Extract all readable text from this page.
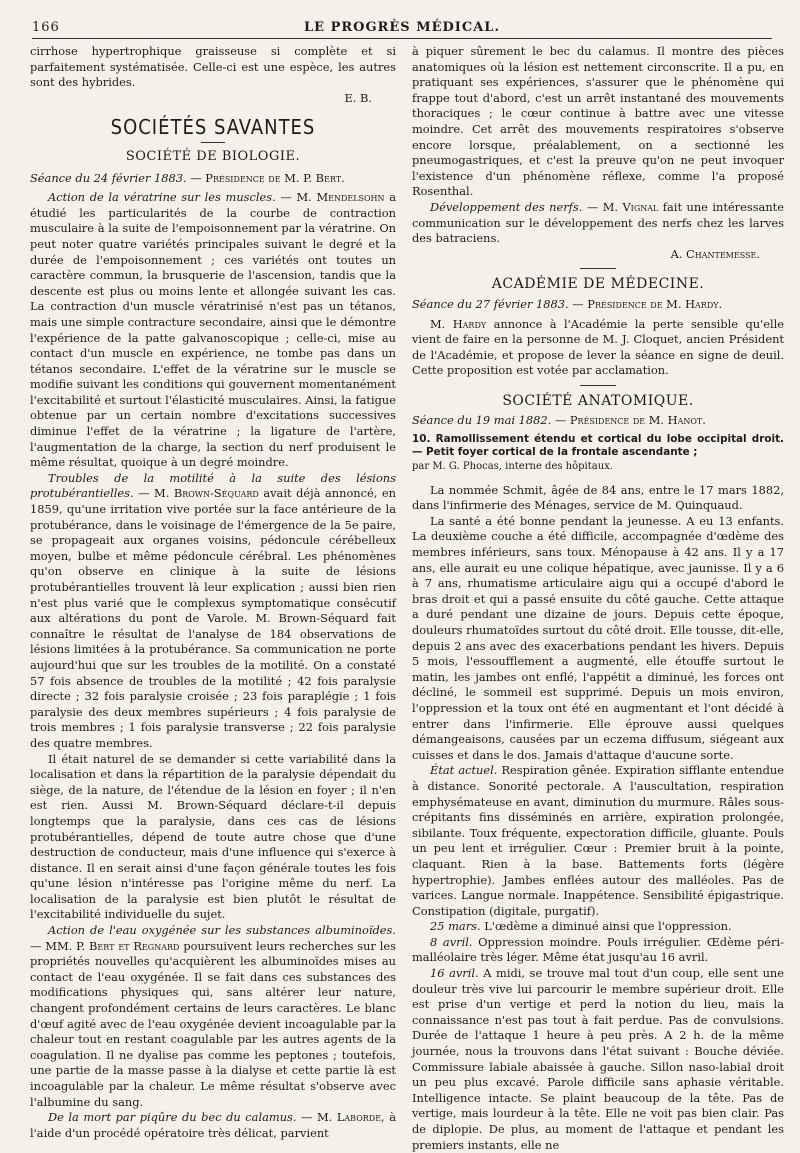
166	LE PROGRÈS MÉDICAL.

cirrhose hypertrophique graisseuse si complète et si parfaitement systématisée. Celle-ci est une espèce, les autres sont des hybrides.

E. B.

SOCIÉTÉS SAVANTES
SOCIÉTÉ DE BIOLOGIE.

Séance du 24 février 1883. — Présidence de M. P. Bert.

Action de la vératrine sur les muscles. — M. Mendelsohn a étudié les particularités de la courbe de contraction musculaire à la suite de l'empoisonnement par la vératrine. On peut noter quatre variétés principales suivant le degré et la durée de l'empoisonnement ; ces variétés ont toutes un caractère commun, la brusquerie de l'ascension, tandis que la descente est plus ou moins lente et allongée suivant les cas. La contraction d'un muscle vératrinisé n'est pas un tétanos, mais une simple contracture secondaire, ainsi que le démontre l'expérience de la patte galvanoscopique ; celle-ci, mise au contact d'un muscle en expérience, ne tombe pas dans un tétanos secondaire. L'effet de la vératrine sur le muscle se modifie suivant les conditions qui gouvernent momentanément l'excitabilité et surtout l'élasticité musculaires. Ainsi, la fatigue obtenue par un certain nombre d'excitations successives diminue l'effet de la vératrine ; la ligature de l'artère, l'augmentation de la charge, la section du nerf produisent le même résultat, quoique à un degré moindre.

Troubles de la motilité à la suite des lésions protubérantielles. — M. Brown-Séquard avait déjà annoncé, en 1859, qu'une irritation vive portée sur la face antérieure de la protubérance, dans le voisinage de l'émergence de la 5e paire, se propageait aux organes voisins, pédoncule cérébelleux moyen, bulbe et même pédoncule cérébral. Les phénomènes qu'on observe en clinique à la suite de lésions protubérantielles trouvent là leur explication ; aussi bien rien n'est plus varié que le complexus symptomatique consécutif aux altérations du pont de Varole. M. Brown-Séquard fait connaître le résultat de l'analyse de 184 observations de lésions limitées à la protubérance. Sa communication ne porte aujourd'hui que sur les troubles de la motilité. On a constaté 57 fois absence de troubles de la motilité ; 42 fois paralysie directe ; 32 fois paralysie croisée ; 23 fois paraplégie ; 1 fois paralysie des deux membres supérieurs ; 4 fois paralysie de trois membres ; 1 fois paralysie transverse ; 22 fois paralysie des quatre membres.

Il était naturel de se demander si cette variabilité dans la localisation et dans la répartition de la paralysie dépendait du siège, de la nature, de l'étendue de la lésion en foyer ; il n'en est rien. Aussi M. Brown-Séquard déclare-t-il depuis longtemps que la paralysie, dans ces cas de lésions protubérantielles, dépend de toute autre chose que d'une destruction de conducteur, mais d'une influence qui s'exerce à distance. Il en serait ainsi d'une façon générale toutes les fois qu'une lésion n'intéresse pas l'origine même du nerf. La localisation de la paralysie est bien plutôt le résultat de l'excitabilité individuelle du sujet.

Action de l'eau oxygénée sur les substances albuminoïdes. — MM. P. Bert et Regnard poursuivent leurs recherches sur les propriétés nouvelles qu'acquièrent les albuminoïdes mises au contact de l'eau oxygénée. Il se fait dans ces substances des modifications physiques qui, sans altérer leur nature, changent profondément certains de leurs caractères. Le blanc d'œuf agité avec de l'eau oxygénée devient incoagulable par la chaleur tout en restant coagulable par les autres agents de la coagulation. Il ne dyalise pas comme les peptones ; toutefois, une partie de la masse passe à la dialyse et cette partie là est incoagulable par la chaleur. Le même résultat s'observe avec l'albumine du sang.

De la mort par piqûre du bec du calamus. — M. Laborde, à l'aide d'un procédé opératoire très délicat, parvient

à piquer sûrement le bec du calamus. Il montre des pièces anatomiques où la lésion est nettement circonscrite. Il a pu, en pratiquant ses expériences, s'assurer que le phénomène qui frappe tout d'abord, c'est un arrêt instantané des mouvements thoraciques ; le cœur continue à battre avec une vitesse moindre. Cet arrêt des mouvements respiratoires s'observe encore lorsque, préalablement, on a sectionné les pneumogastriques, et c'est la preuve qu'on ne peut invoquer l'existence d'un phénomène réflexe, comme l'a proposé Rosenthal.

Développement des nerfs. — M. Vignal fait une intéressante communication sur le développement des nerfs chez les larves des batraciens.

A. Chantemesse.

ACADÉMIE DE MÉDECINE.

Séance du 27 février 1883. — Présidence de M. Hardy.

M. Hardy annonce à l'Académie la perte sensible qu'elle vient de faire en la personne de M. J. Cloquet, ancien Président de l'Académie, et propose de lever la séance en signe de deuil. Cette proposition est votée par acclamation.

SOCIÉTÉ ANATOMIQUE.

Séance du 19 mai 1882. — Présidence de M. Hanot.

10. Ramollissement étendu et cortical du lobe occipital droit. — Petit foyer cortical de la frontale ascendante ;

par M. G. Phocas, interne des hôpitaux.

La nommée Schmit, âgée de 84 ans, entre le 17 mars 1882, dans l'infirmerie des Ménages, service de M. Quinquaud.

La santé a été bonne pendant la jeunesse. A eu 13 enfants. La deuxième couche a été difficile, accompagnée d'œdème des membres inférieurs, sans toux. Ménopause à 42 ans. Il y a 17 ans, elle aurait eu une colique hépatique, avec jaunisse. Il y a 6 à 7 ans, rhumatisme articulaire aigu qui a occupé d'abord le bras droit et qui a passé ensuite du côté gauche. Cette attaque a duré pendant une dizaine de jours. Depuis cette époque, douleurs rhumatoïdes surtout du côté droit. Elle tousse, dit-elle, depuis 2 ans avec des exacerbations pendant les hivers. Depuis 5 mois, l'essoufflement a augmenté, elle étouffe surtout le matin, les jambes ont enflé, l'appétit a diminué, les forces ont décliné, le sommeil est supprimé. Depuis un mois environ, l'oppression et la toux ont été en augmentant et l'ont décidé à entrer dans l'infirmerie. Elle éprouve aussi quelques démangeaisons, causées par un eczema diffusum, siégeant aux cuisses et dans le dos. Jamais d'attaque d'aucune sorte.

État actuel. Respiration gênée. Expiration sifflante entendue à distance. Sonorité pectorale. A l'auscultation, respiration emphysémateuse en avant, diminution du murmure. Râles sous-crépitants fins disséminés en arrière, expiration prolongée, sibilante. Toux fréquente, expectoration difficile, gluante. Pouls un peu lent et irrégulier. Cœur : Premier bruit à la pointe, claquant. Rien à la base. Battements forts (légère hypertrophie). Jambes enflées autour des malléoles. Pas de varices. Langue normale. Inappétence. Sensibilité épigastrique. Constipation (digitale, purgatif).

25 mars. L'œdème a diminué ainsi que l'oppression.

8 avril. Oppression moindre. Pouls irrégulier. Œdème péri-malléolaire très léger. Même état jusqu'au 16 avril.

16 avril. A midi, se trouve mal tout d'un coup, elle sent une douleur très vive lui parcourir le membre supérieur droit. Elle est prise d'un vertige et perd la notion du lieu, mais la connaissance n'est pas tout à fait perdue. Pas de convulsions. Durée de l'attaque 1 heure à peu près. A 2 h. de la même journée, nous la trouvons dans l'état suivant : Bouche déviée. Commissure labiale abaissée à gauche. Sillon naso-labial droit un peu plus excavé. Parole difficile sans aphasie véritable. Intelligence intacte. Se plaint beaucoup de la tête. Pas de vertige, mais lourdeur à la tête. Elle ne voit pas bien clair. Pas de diplopie. De plus, au moment de l'attaque et pendant les premiers instants, elle ne
